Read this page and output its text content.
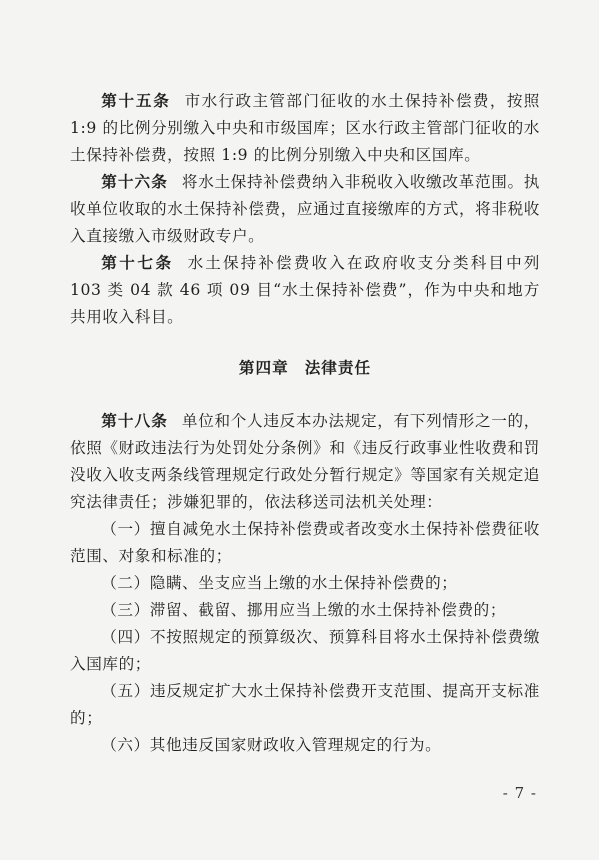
第十五条 市水行政主管部门征收的水土保持补偿费，按照 1:9 的比例分别缴入中央和市级国库；区水行政主管部门征收的水土保持补偿费，按照 1:9 的比例分别缴入中央和区国库。

第十六条 将水土保持补偿费纳入非税收入收缴改革范围。执收单位收取的水土保持补偿费，应通过直接缴库的方式，将非税收入直接缴入市级财政专户。

第十七条 水土保持补偿费收入在政府收支分类科目中列 103 类 04 款 46 项 09 目“水土保持补偿费”，作为中央和地方共用收入科目。

第四章 法律责任

第十八条 单位和个人违反本办法规定，有下列情形之一的，依照《财政违法行为处罚处分条例》和《违反行政事业性收费和罚没收入收支两条线管理规定行政处分暂行规定》等国家有关规定追究法律责任；涉嫌犯罪的，依法移送司法机关处理：

（一）擅自减免水土保持补偿费或者改变水土保持补偿费征收范围、对象和标准的；

（二）隐瞒、坐支应当上缴的水土保持补偿费的；

（三）滞留、截留、挪用应当上缴的水土保持补偿费的；

（四）不按照规定的预算级次、预算科目将水土保持补偿费缴入国库的；

（五）违反规定扩大水土保持补偿费开支范围、提高开支标准的；

（六）其他违反国家财政收入管理规定的行为。

- 7 -
